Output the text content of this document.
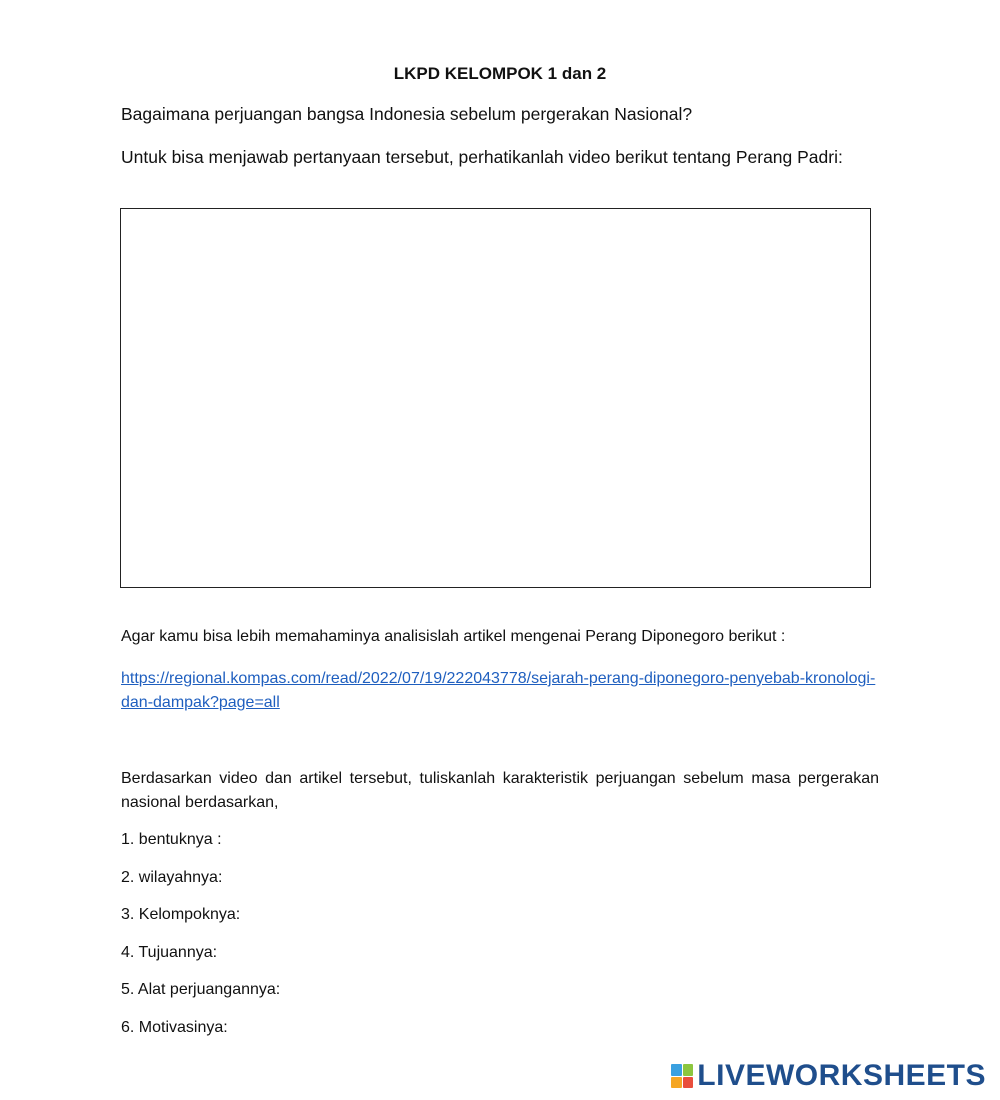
LKPD KELOMPOK 1 dan 2
Bagaimana perjuangan bangsa Indonesia sebelum pergerakan Nasional?
Untuk bisa menjawab pertanyaan tersebut, perhatikanlah video berikut tentang Perang Padri:
Agar kamu bisa lebih memahaminya analisislah artikel mengenai Perang Diponegoro berikut :
https://regional.kompas.com/read/2022/07/19/222043778/sejarah-perang-diponegoro-penyebab-kronologi-dan-dampak?page=all
Berdasarkan video dan artikel tersebut, tuliskanlah karakteristik perjuangan sebelum masa pergerakan nasional berdasarkan,
1. bentuknya :
2. wilayahnya:
3. Kelompoknya:
4. Tujuannya:
5. Alat perjuangannya:
6. Motivasinya:
LIVEWORKSHEETS
